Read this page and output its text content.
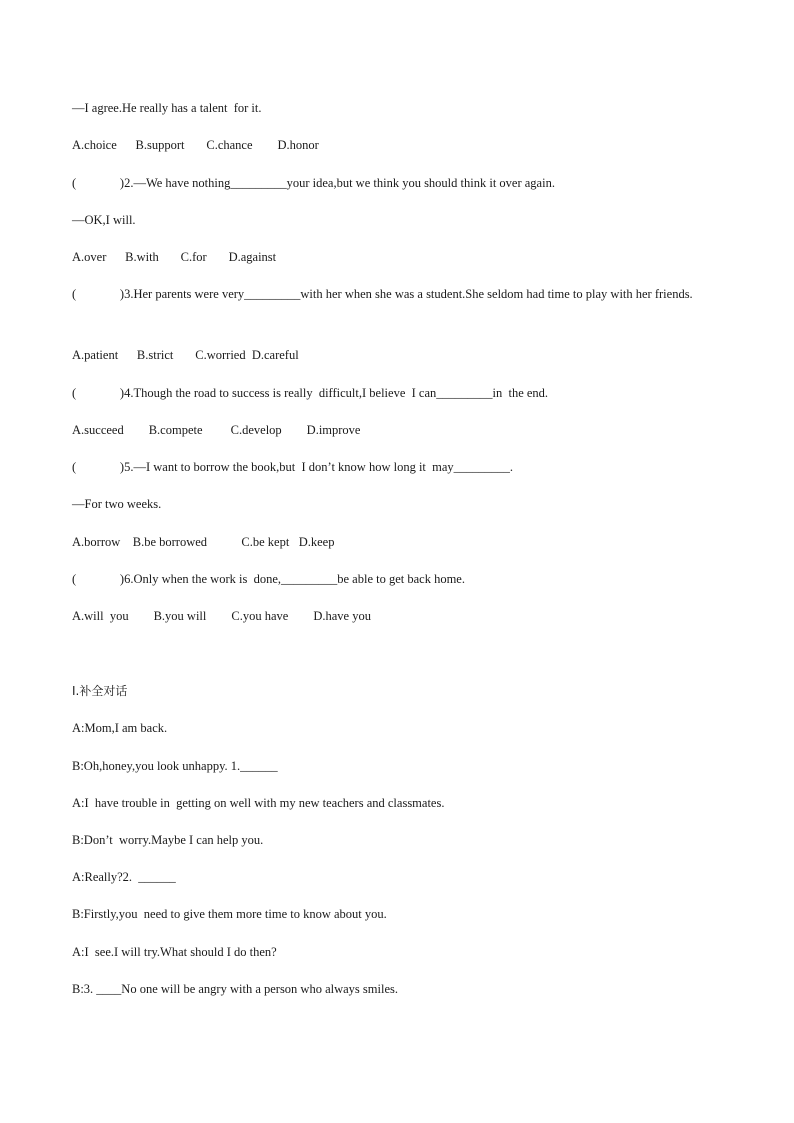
—I agree.He really has a talent  for it.
A.choice      B.support       C.chance        D.honor
(              )2.—We have nothing_________your idea,but we think you should think it over again.
—OK,I will.
A.over      B.with       C.for       D.against
(              )3.Her parents were very_________with her when she was a student.She seldom had time to play with her friends.
A.patient      B.strict       C.worried  D.careful
(              )4.Though the road to success is really  difficult,I believe  I can_________in  the end.
A.succeed        B.compete         C.develop        D.improve
(              )5.—I want to borrow the book,but  I don’t know how long it  may_________.
—For two weeks.
A.borrow    B.be borrowed           C.be kept   D.keep
(              )6.Only when the work is  done,_________be able to get back home.
A.will  you        B.you will        C.you have        D.have you
Ⅰ.补全对话
A:Mom,I am back.
B:Oh,honey,you look unhappy. 1.______
A:I  have trouble in  getting on well with my new teachers and classmates.
B:Don’t  worry.Maybe I can help you.
A:Really?2.  ______
B:Firstly,you  need to give them more time to know about you.
A:I  see.I will try.What should I do then?
B:3. ____No one will be angry with a person who always smiles.
